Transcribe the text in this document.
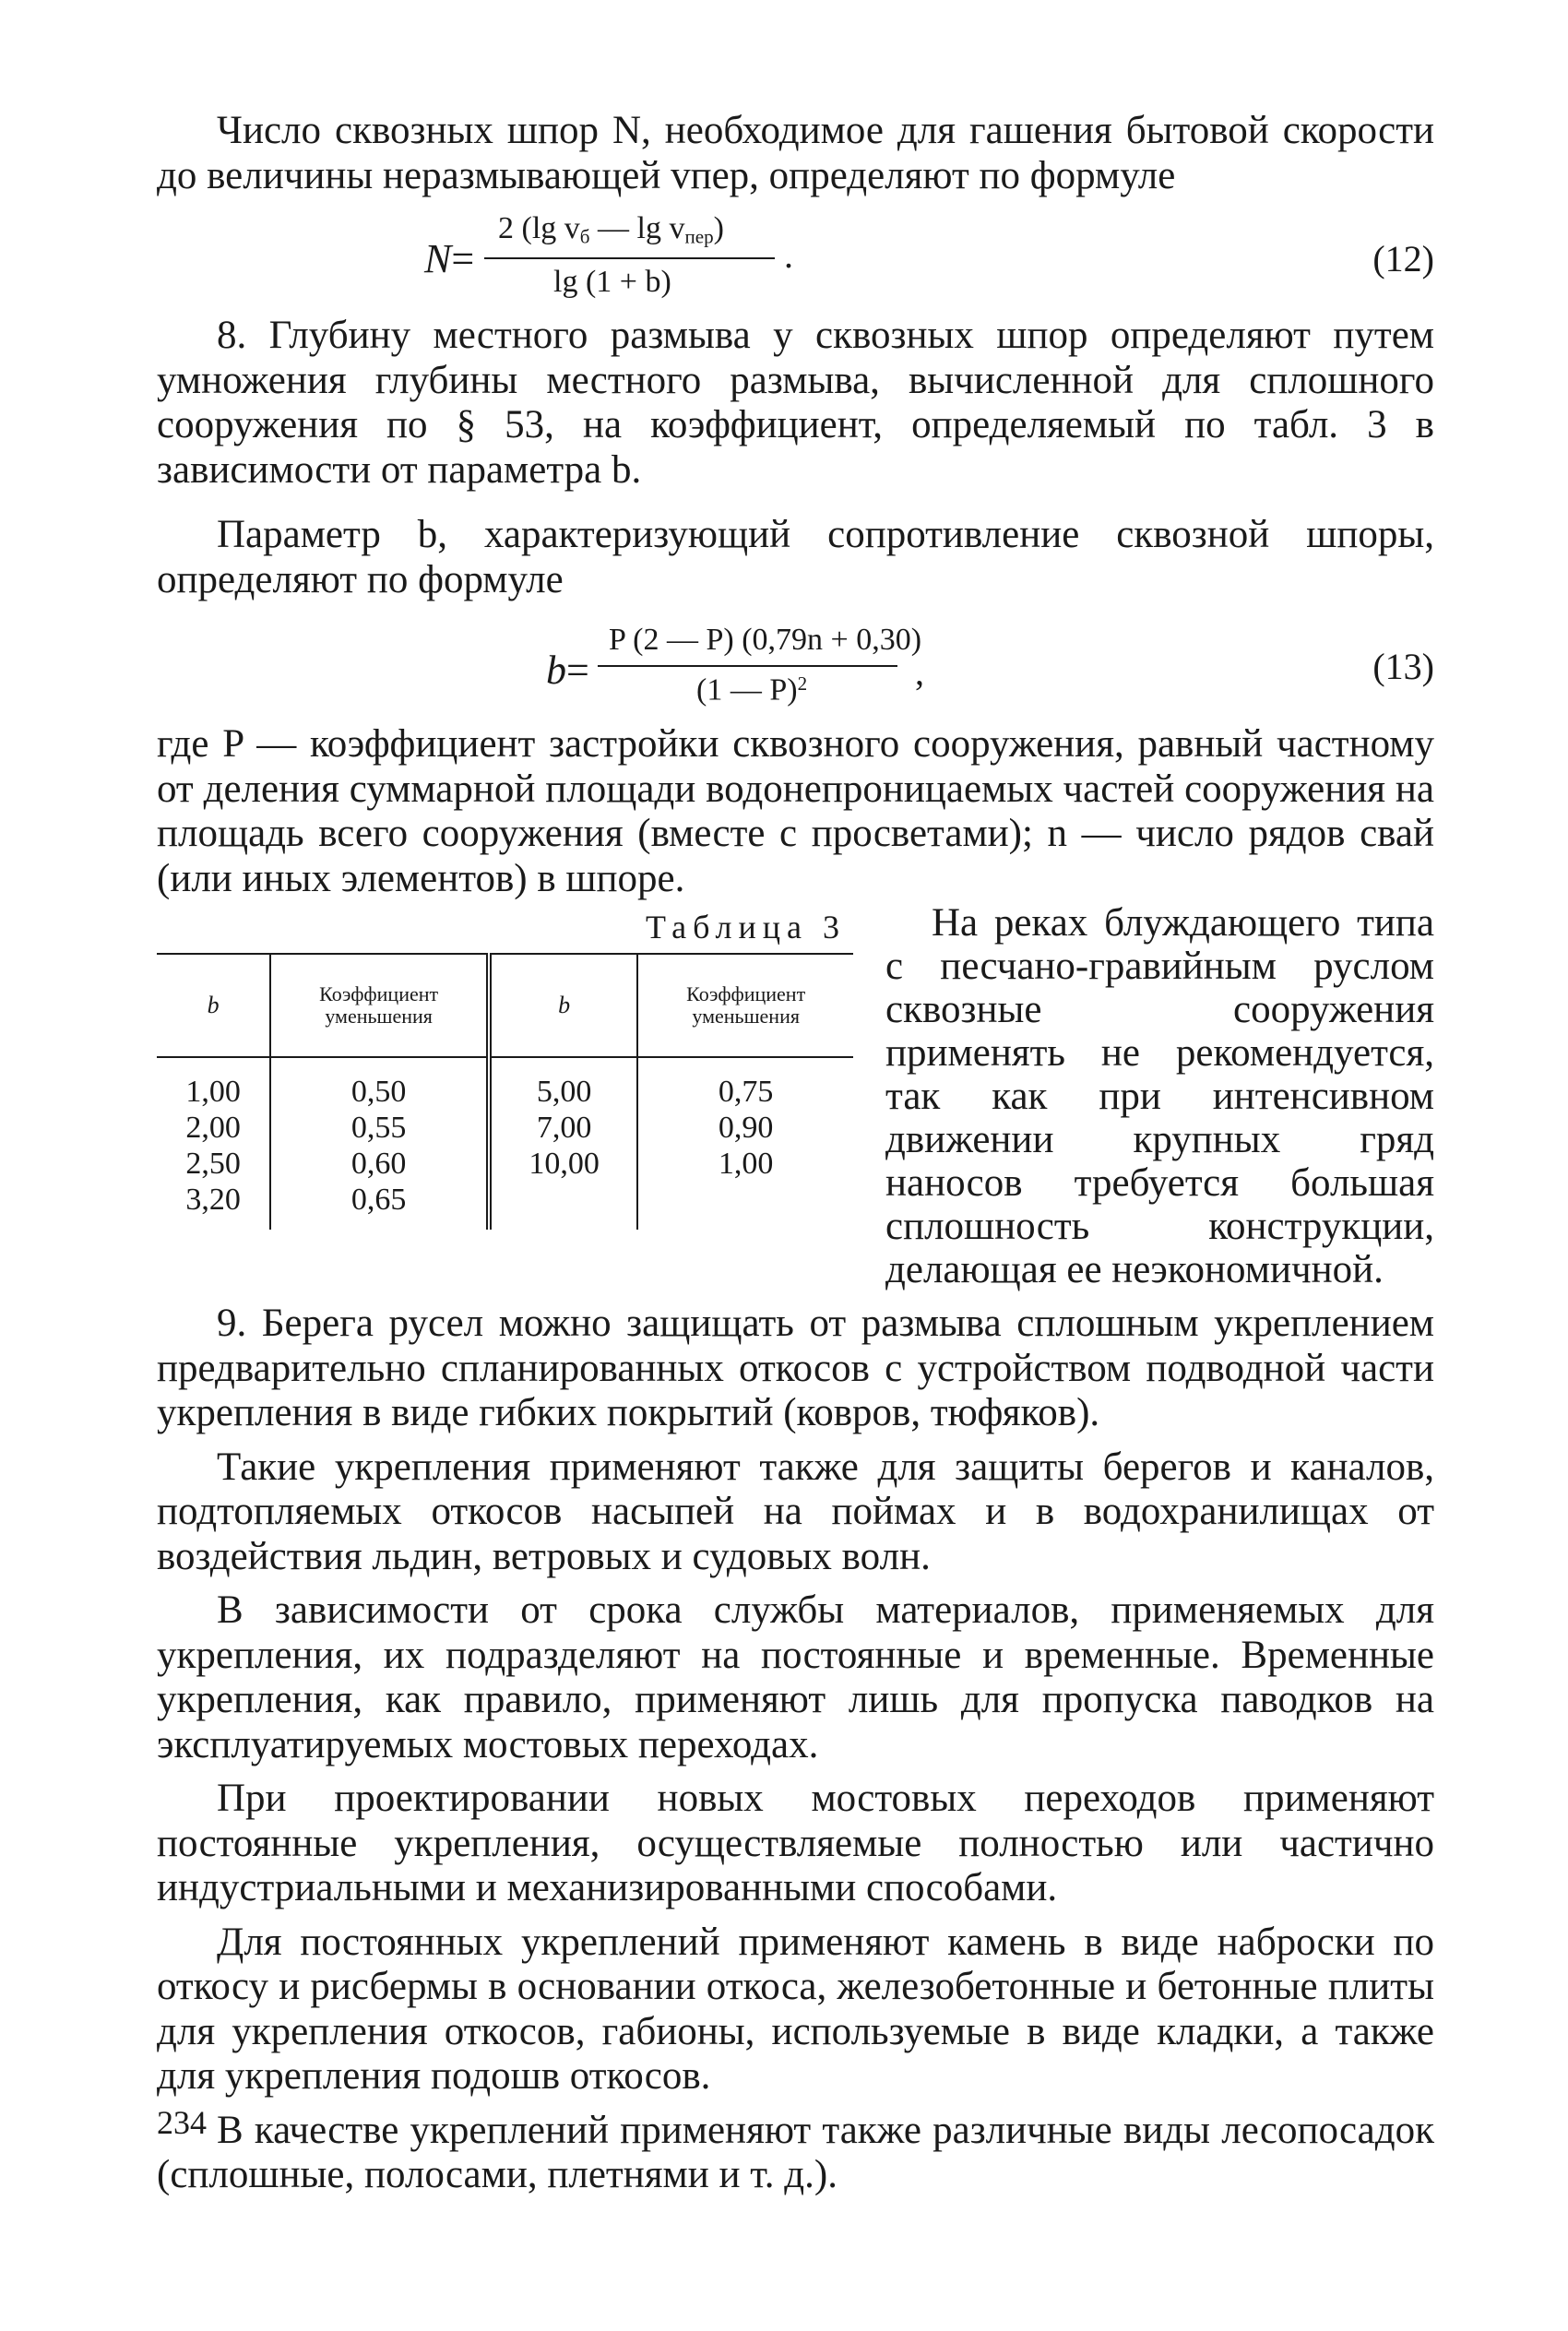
Число сквозных шпор N, необходимое для гашения бытовой скорости до величины неразмывающей vпер, определяют по формуле

N=
2 (lg $v_б$ — $\lg v_{пер}$)
lg (1 + b)
.	(12)

8. Глубину местного размыва у сквозных шпор определяют путем умножения глубины местного размыва, вычисленной для сплошного сооружения по § 53, на коэффициент, определяемый по табл. 3 в зависимости от параметра b.

Параметр b, характеризующий сопротивление сквозной шпоры, определяют по формуле

b=
P (2 — P) (0,79n + 0,30)
(1 — P)$^2$	,	(13)

где P — коэффициент застройки сквозного сооружения, равный частному от деления суммарной площади водонепроницаемых частей сооружения на площадь всего сооружения (вместе с просветами); n — число рядов свай (или иных элементов) в шпоре.

Таблица 3
b	Коэффициент уменьшения	b	Коэффициент уменьшения
1,00	0,50	5,00	0,75
2,00	0,55	7,00	0,90
2,50	0,60	10,00	1,00
3,20	0,65		

На реках блуждающего типа с песчано-гравийным руслом сквозные сооружения применять не рекомендуется, так как при интенсивном движении крупных гряд наносов требуется большая сплошность конструкции, делающая ее неэкономичной.

9. Берега русел можно защищать от размыва сплошным укреплением предварительно спланированных откосов с устройством подводной части укрепления в виде гибких покрытий (ковров, тюфяков).

Такие укрепления применяют также для защиты берегов и каналов, подтопляемых откосов насыпей на поймах и в водохранилищах от воздействия льдин, ветровых и судовых волн.

В зависимости от срока службы материалов, применяемых для укрепления, их подразделяют на постоянные и временные. Временные укрепления, как правило, применяют лишь для пропуска паводков на эксплуатируемых мостовых переходах.

При проектировании новых мостовых переходов применяют постоянные укрепления, осуществляемые полностью или частично индустриальными и механизированными способами.

Для постоянных укреплений применяют камень в виде наброски по откосу и рисбермы в основании откоса, железобетонные и бетонные плиты для укрепления откосов, габионы, используемые в виде кладки, а также для укрепления подошв откосов.

В качестве укреплений применяют также различные виды лесопосадок (сплошные, полосами, плетнями и т. д.).

234
